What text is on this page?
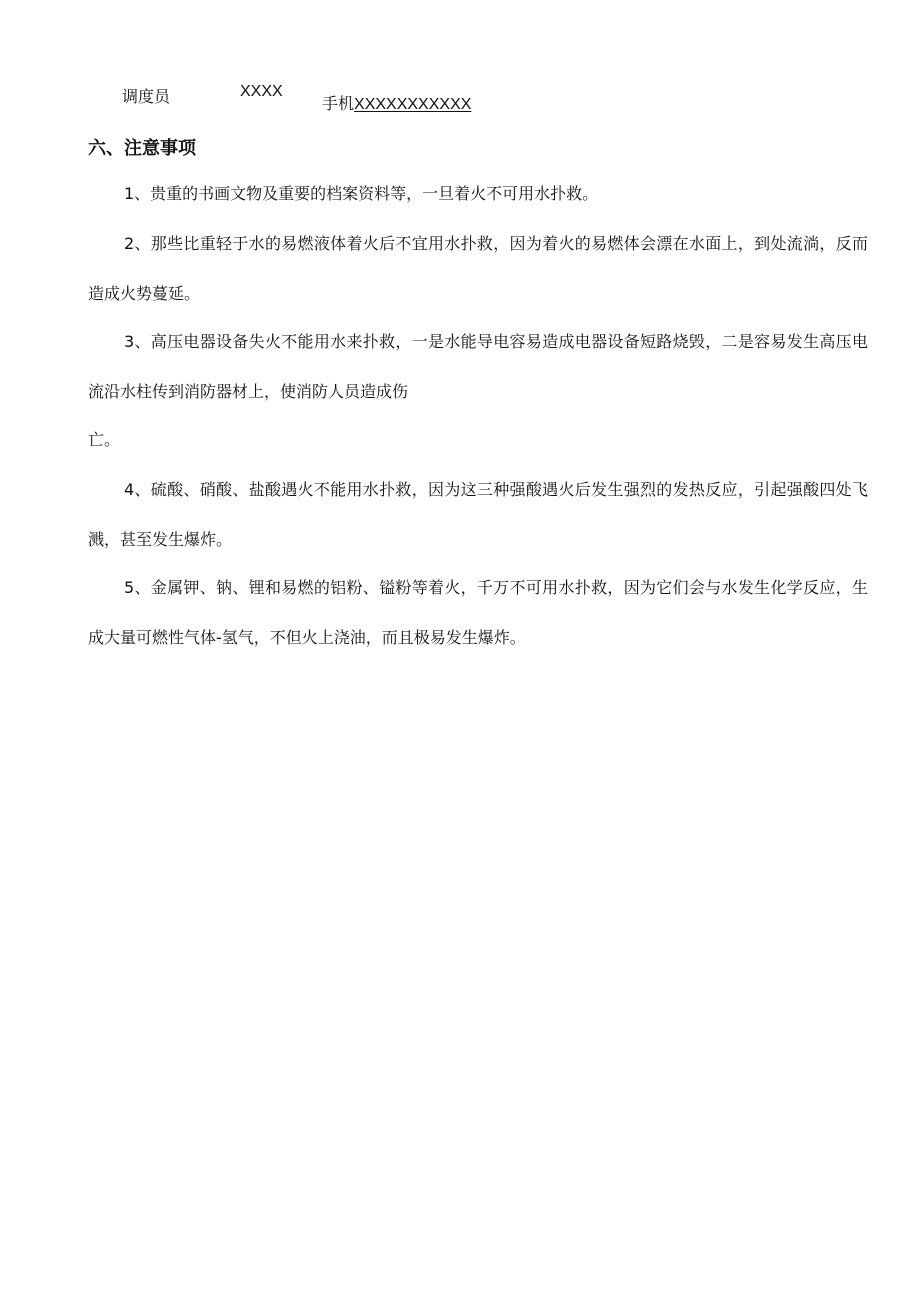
调度员	XXXX
手机XXXXXXXXXXX
六、注意事项

1、贵重的书画文物及重要的档案资料等，一旦着火不可用水扑救。

2、那些比重轻于水的易燃液体着火后不宜用水扑救，因为着火的易燃体会漂在水面上，到处流淌，反而造成火势蔓延。

3、高压电器设备失火不能用水来扑救，一是水能导电容易造成电器设备短路烧毁，二是容易发生高压电流沿水柱传到消防器材上，使消防人员造成伤

亡。

4、硫酸、硝酸、盐酸遇火不能用水扑救，因为这三种强酸遇火后发生强烈的发热反应，引起强酸四处飞溅，甚至发生爆炸。

5、金属钾、钠、锂和易燃的铝粉、镒粉等着火，千万不可用水扑救，因为它们会与水发生化学反应，生成大量可燃性气体-氢气，不但火上浇油，而且极易发生爆炸。
